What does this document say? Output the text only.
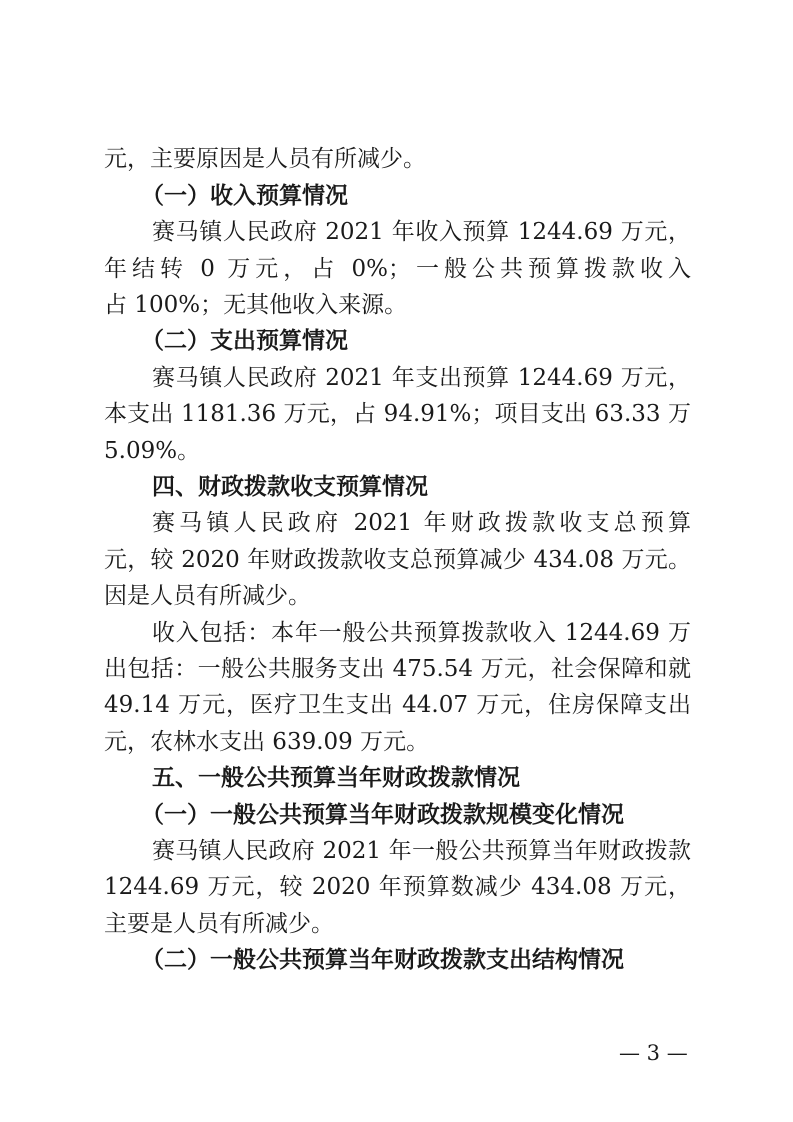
元，主要原因是人员有所减少。
（一）收入预算情况
赛马镇人民政府 2021 年收入预算 1244.69 万元，
年结转 0 万元，占 0%；一般公共预算拨款收入
占 100%；无其他收入来源。
（二）支出预算情况
赛马镇人民政府 2021 年支出预算 1244.69 万元，
本支出 1181.36 万元，占 94.91%；项目支出 63.33 万
5.09%。
四、财政拨款收支预算情况
赛马镇人民政府 2021 年财政拨款收支总预算
元，较 2020 年财政拨款收支总预算减少 434.08 万元。
因是人员有所减少。
收入包括：本年一般公共预算拨款收入 1244.69 万
出包括：一般公共服务支出 475.54 万元，社会保障和就
49.14 万元，医疗卫生支出 44.07 万元，住房保障支出
元，农林水支出 639.09 万元。
五、一般公共预算当年财政拨款情况
（一）一般公共预算当年财政拨款规模变化情况
赛马镇人民政府 2021 年一般公共预算当年财政拨款
1244.69 万元，较 2020 年预算数减少 434.08 万元，
主要是人员有所减少。
（二）一般公共预算当年财政拨款支出结构情况
— 3 —
